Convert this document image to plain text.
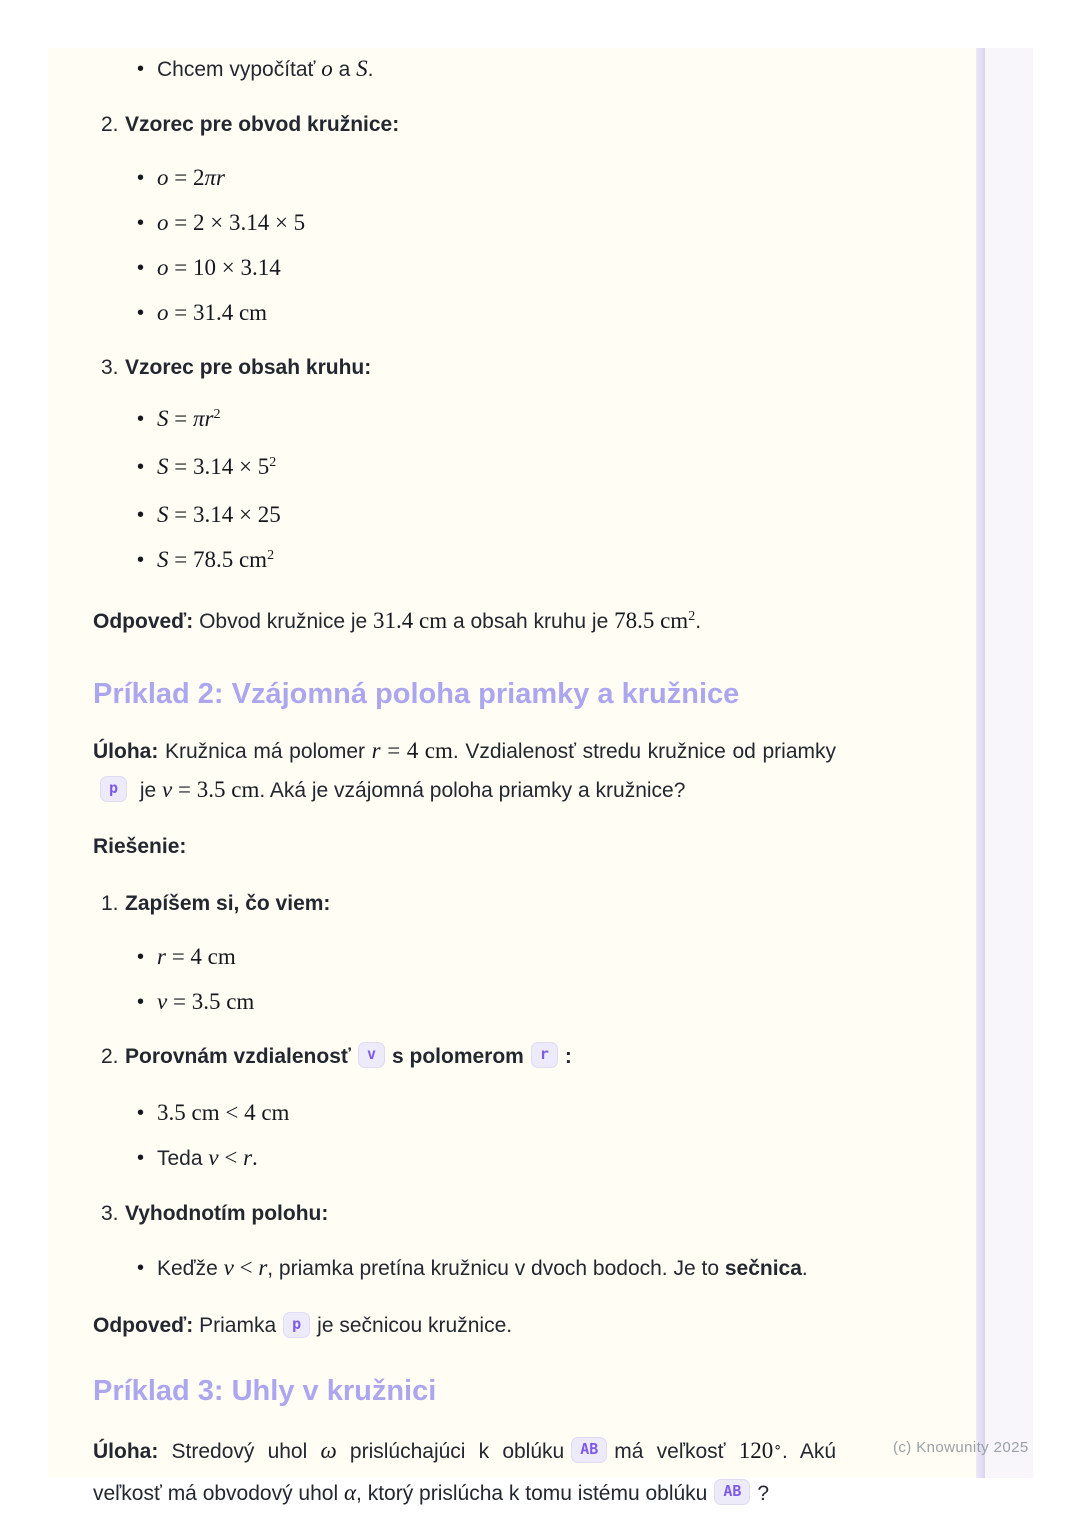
• Chcem vypočítať o a S.
2. Vzorec pre obvod kružnice:
• o = 2πr
• o = 2 × 3.14 × 5
• o = 10 × 3.14
• o = 31.4 cm
3. Vzorec pre obsah kruhu:
• $S = \pi r^2$
• $S = 3.14 \times 5^2$
• S = 3.14 × 25
• S = 78.5 $cm^2$
Odpoveď: Obvod kružnice je 31.4 cm a obsah kruhu je 78.5 $cm^2$.
Príklad 2: Vzájomná poloha priamky a kružnice
Úloha: Kružnica má polomer r = 4 cm. Vzdialenosť stredu kružnice od priamky
p je v = 3.5 cm. Aká je vzájomná poloha priamky a kružnice?
Riešenie:
1. Zapíšem si, čo viem:
• r = 4 cm
• v = 3.5 cm
2. Porovnám vzdialenosť v s polomerom r :
• 3.5 cm < 4 cm
• Teda v < r.
3. Vyhodnotím polohu:
• Keďže v < r, priamka pretína kružnicu v dvoch bodoch. Je to sečnica.
Odpoveď: Priamka p je sečnicou kružnice.
Príklad 3: Uhly v kružnici
Úloha: Stredový uhol ω prislúchajúci k oblúku AB má veľkosť 120∘. Akú
veľkosť má obvodový uhol α, ktorý prislúcha k tomu istému oblúku AB ?
(c) Knowunity 2025
